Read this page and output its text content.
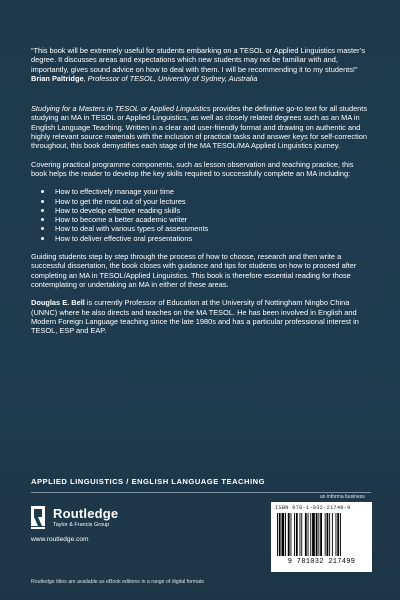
“This book will be extremely useful for students embarking on a TESOL or Applied Linguistics master’s degree. It discusses areas and expectations which new students may not be familiar with and, importantly, gives sound advice on how to deal with them. I will be recommending it to my students!”

Brian Paltridge, Professor of TESOL, University of Sydney, Australia

Studying for a Masters in TESOL or Applied Linguistics provides the definitive go-to text for all students studying an MA in TESOL or Applied Linguistics, as well as closely related degrees such as an MA in English Language Teaching. Written in a clear and user-friendly format and drawing on authentic and highly relevant source materials with the inclusion of practical tasks and answer keys for self-correction throughout, this book demystifies each stage of the MA TESOL/MA Applied Linguistics journey.

Covering practical programme components, such as lesson observation and teaching practice, this book helps the reader to develop the key skills required to successfully complete an MA including:

How to effectively manage your time
How to get the most out of your lectures
How to develop effective reading skills
How to become a better academic writer
How to deal with various types of assessments
How to deliver effective oral presentations

Guiding students step by step through the process of how to choose, research and then write a successful dissertation, the book closes with guidance and tips for students on how to proceed after completing an MA in TESOL/Applied Linguistics. This book is therefore essential reading for those contemplating or undertaking an MA in either of these areas.

Douglas E. Bell is currently Professor of Education at the University of Nottingham Ningbo China (UNNC) where he also directs and teaches on the MA TESOL. He has been involved in English and Modern Foreign Language teaching since the late 1980s and has a particular professional interest in TESOL, ESP and EAP.

APPLIED LINGUISTICS / ENGLISH LANGUAGE TEACHING
an informa business
Routledge
Taylor & Francis Group
www.routledge.com
ISBN 978-1-032-21749-9
9 781032 217499
Routledge titles are available as eBook editions in a range of digital formats
